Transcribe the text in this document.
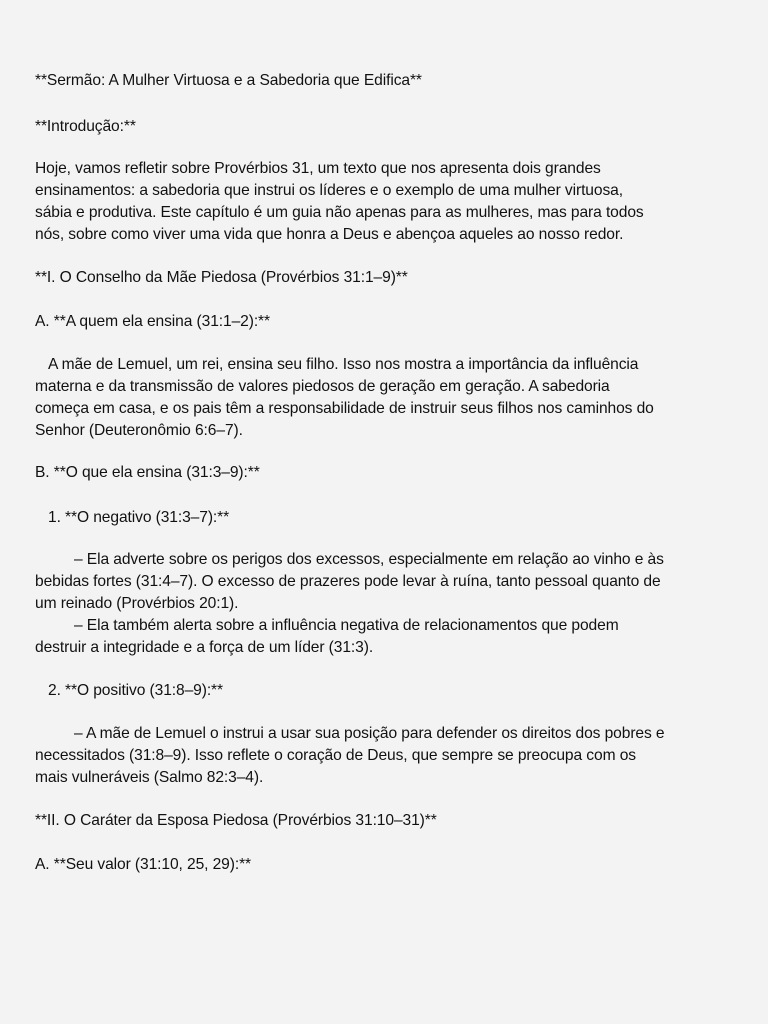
**Sermão: A Mulher Virtuosa e a Sabedoria que Edifica**
**Introdução:**
Hoje, vamos refletir sobre Provérbios 31, um texto que nos apresenta dois grandes
ensinamentos: a sabedoria que instrui os líderes e o exemplo de uma mulher virtuosa,
sábia e produtiva. Este capítulo é um guia não apenas para as mulheres, mas para todos
nós, sobre como viver uma vida que honra a Deus e abençoa aqueles ao nosso redor.
**I. O Conselho da Mãe Piedosa (Provérbios 31:1–9)**
A. **A quem ela ensina (31:1–2):**
A mãe de Lemuel, um rei, ensina seu filho. Isso nos mostra a importância da influência
materna e da transmissão de valores piedosos de geração em geração. A sabedoria
começa em casa, e os pais têm a responsabilidade de instruir seus filhos nos caminhos do
Senhor (Deuteronômio 6:6–7).
B. **O que ela ensina (31:3–9):**
1. **O negativo (31:3–7):**
– Ela adverte sobre os perigos dos excessos, especialmente em relação ao vinho e às
bebidas fortes (31:4–7). O excesso de prazeres pode levar à ruína, tanto pessoal quanto de
um reinado (Provérbios 20:1).
– Ela também alerta sobre a influência negativa de relacionamentos que podem
destruir a integridade e a força de um líder (31:3).
2. **O positivo (31:8–9):**
– A mãe de Lemuel o instrui a usar sua posição para defender os direitos dos pobres e
necessitados (31:8–9). Isso reflete o coração de Deus, que sempre se preocupa com os
mais vulneráveis (Salmo 82:3–4).
**II. O Caráter da Esposa Piedosa (Provérbios 31:10–31)**
A. **Seu valor (31:10, 25, 29):**
